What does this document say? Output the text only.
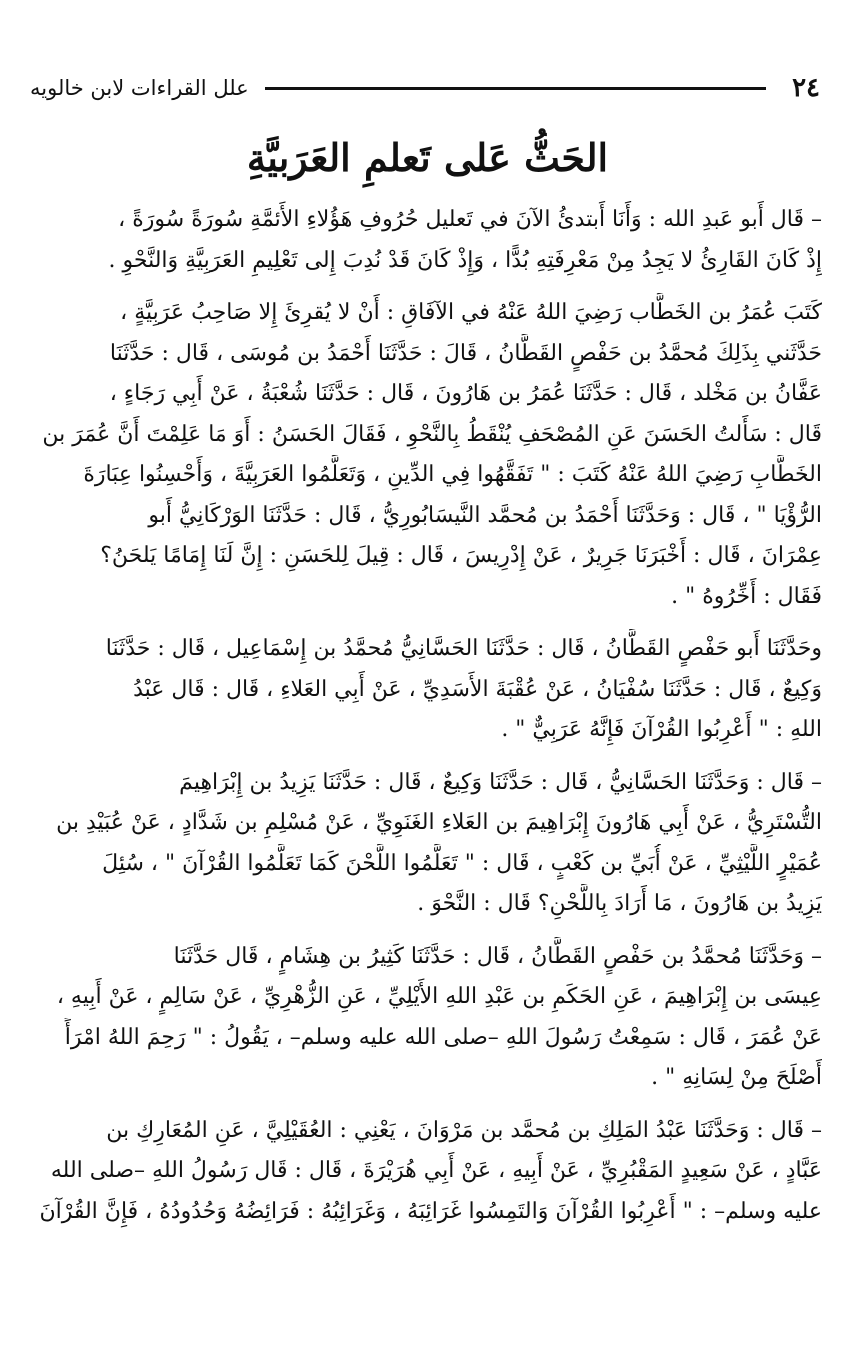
٢٤
علل القراءات لابن خالويه
الحَثُّ عَلى تَعلمِ العَرَبيَّةِ

– قَال أَبو عَبدِ الله : وَأَنَا أَبتدئُ الآنَ في تَعليل حُرُوفِ هَؤُلاءِ الأَئمَّةِ سُورَةً سُورَةً ،
إِذْ كَانَ القَارِئُ لا يَجِدُ مِنْ مَعْرِفَتِهِ بُدًّا ، وَإِذْ كَانَ قَدْ نُدِبَ إِلى تَعْلِيمِ العَرَبِيَّةِ وَالنَّحْوِ .

كَتَبَ عُمَرُ بن الخَطَّاب رَضِيَ اللهُ عَنْهُ في الآفَاقِ : أَنْ لا يُقرِئَ إِلا صَاحِبُ عَرَبِيَّةٍ ،
حَدَّثَني بِذَلِكَ مُحمَّدُ بن حَفْصٍ القَطَّانُ ، قَالَ : حَدَّثَنَا أَحْمَدُ بن مُوسَى ، قَال : حَدَّثَنَا
عَفَّانُ بن مَخْلد ، قَال : حَدَّثَنَا عُمَرُ بن هَارُونَ ، قَال : حَدَّثَنَا شُعْبَةُ ، عَنْ أَبِي رَجَاءٍ ،
قَال : سَأَلتُ الحَسَنَ عَنِ المُصْحَفِ يُنْقَطُ بِالنَّحْوِ ، فَقَالَ الحَسَنُ : أَوَ مَا عَلِمْتَ أَنَّ عُمَرَ بن
الخَطَّابِ رَضِيَ اللهُ عَنْهُ كَتَبَ : " تَفَقَّهُوا فِي الدِّينِ ، وَتَعَلَّمُوا العَرَبِيَّةَ ، وَأَحْسِنُوا عِبَارَةَ
الرُّؤْيَا " ، قَال : وَحَدَّثَنَا أَحْمَدُ بن مُحمَّد النَّيسَابُورِيُّ ، قَال : حَدَّثَنَا الوَرْكَانِيُّ أَبو
عِمْرَانَ ، قَال : أَخْبَرَنَا جَرِيرٌ ، عَنْ إِدْرِيسَ ، قَال : قِيلَ لِلحَسَنِ : إِنَّ لَنَا إِمَامًا يَلحَنُ؟
فَقَال : أَخِّرُوهُ " .

وحَدَّثَنَا أَبو حَفْصٍ القَطَّانُ ، قَال : حَدَّثَنَا الحَسَّانِيُّ مُحمَّدُ بن إِسْمَاعِيل ، قَال : حَدَّثَنَا
وَكِيعٌ ، قَال : حَدَّثَنَا سُفْيَانُ ، عَنْ عُقْبَةَ الأَسَدِيِّ ، عَنْ أَبِي العَلاءِ ، قَال : قَال عَبْدُ
اللهِ : " أَعْرِبُوا القُرْآنَ فَإِنَّهُ عَرَبِيٌّ " .

– قَال : وَحَدَّثَنَا الحَسَّانِيُّ ، قَال : حَدَّثَنَا وَكِيعٌ ، قَال : حَدَّثَنَا يَزِيدُ بن إِبْرَاهِيمَ
التُّسْتَرِيُّ ، عَنْ أَبِي هَارُونَ إِبْرَاهِيمَ بن العَلاءِ الغَنَوِيِّ ، عَنْ مُسْلِمِ بن شَدَّادٍ ، عَنْ عُبَيْدِ بن
عُمَيْرٍ اللَّيْثِيِّ ، عَنْ أُبَيِّ بن كَعْبٍ ، قَال : " تَعَلَّمُوا اللَّحْنَ كَمَا تَعَلَّمُوا القُرْآنَ " ، سُئِلَ
يَزِيدُ بن هَارُونَ ، مَا أَرَادَ بِاللَّحْنِ؟ قَال : النَّحْوَ .

– وَحَدَّثَنَا مُحمَّدُ بن حَفْصٍ القَطَّانُ ، قَال : حَدَّثَنَا كَثِيرُ بن هِشَامٍ ، قَال حَدَّثَنَا
عِيسَى بن إِبْرَاهِيمَ ، عَنِ الحَكَمِ بن عَبْدِ اللهِ الأَيْلِيِّ ، عَنِ الزُّهْرِيِّ ، عَنْ سَالِمٍ ، عَنْ أَبِيهِ ،
عَنْ عُمَرَ ، قَال : سَمِعْتُ رَسُولَ اللهِ –صلى الله عليه وسلم– ، يَقُولُ : " رَحِمَ اللهُ امْرَأً
أَصْلَحَ مِنْ لِسَانِهِ " .

– قَال : وَحَدَّثَنَا عَبْدُ المَلِكِ بن مُحمَّد بن مَرْوَانَ ، يَعْنِي : العُقَيْلِيَّ ، عَنِ المُعَارِكِ بن
عَبَّادٍ ، عَنْ سَعِيدٍ المَقْبُرِيِّ ، عَنْ أَبِيهِ ، عَنْ أَبِي هُرَيْرَةَ ، قَال : قَال رَسُولُ اللهِ –صلى الله
عليه وسلم– : " أَعْرِبُوا القُرْآنَ وَالتَمِسُوا غَرَائِبَهُ ، وَغَرَائِبُهُ : فَرَائِضُهُ وَحُدُودُهُ ، فَإِنَّ القُرْآنَ
